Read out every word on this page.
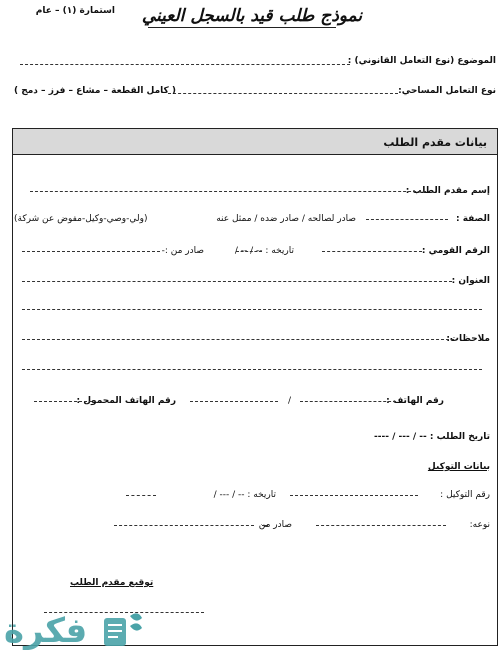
استمارة (١) – عام	نموذج طلب قيد بالسجل العيني
الموضوع (نوع التعامل القانوني) :
نوع التعامل المساحي:
( كامل القطعة – مشاع – فرز – دمج )
بيانات مقدم الطلب
إسم مقدم الطلب :
الصفة :
صادر لصالحه / صادر ضده / ممثل عنه
(ولي-وصي-وكيل-مفوض عن شركة)
الرقم القومي :
تاريخه : -- / -- /
صادر من :-
العنوان :
ملاحظات:
رقم الهاتف :
/
رقم الهاتف المحمول :
تاريخ الطلب : -- / --- / ----
بيانات التوكيل
رقم التوكيل :
تاريخه : -- / --- /
نوعه:
صادر من
توقيع مقدم الطلب
فكرة
